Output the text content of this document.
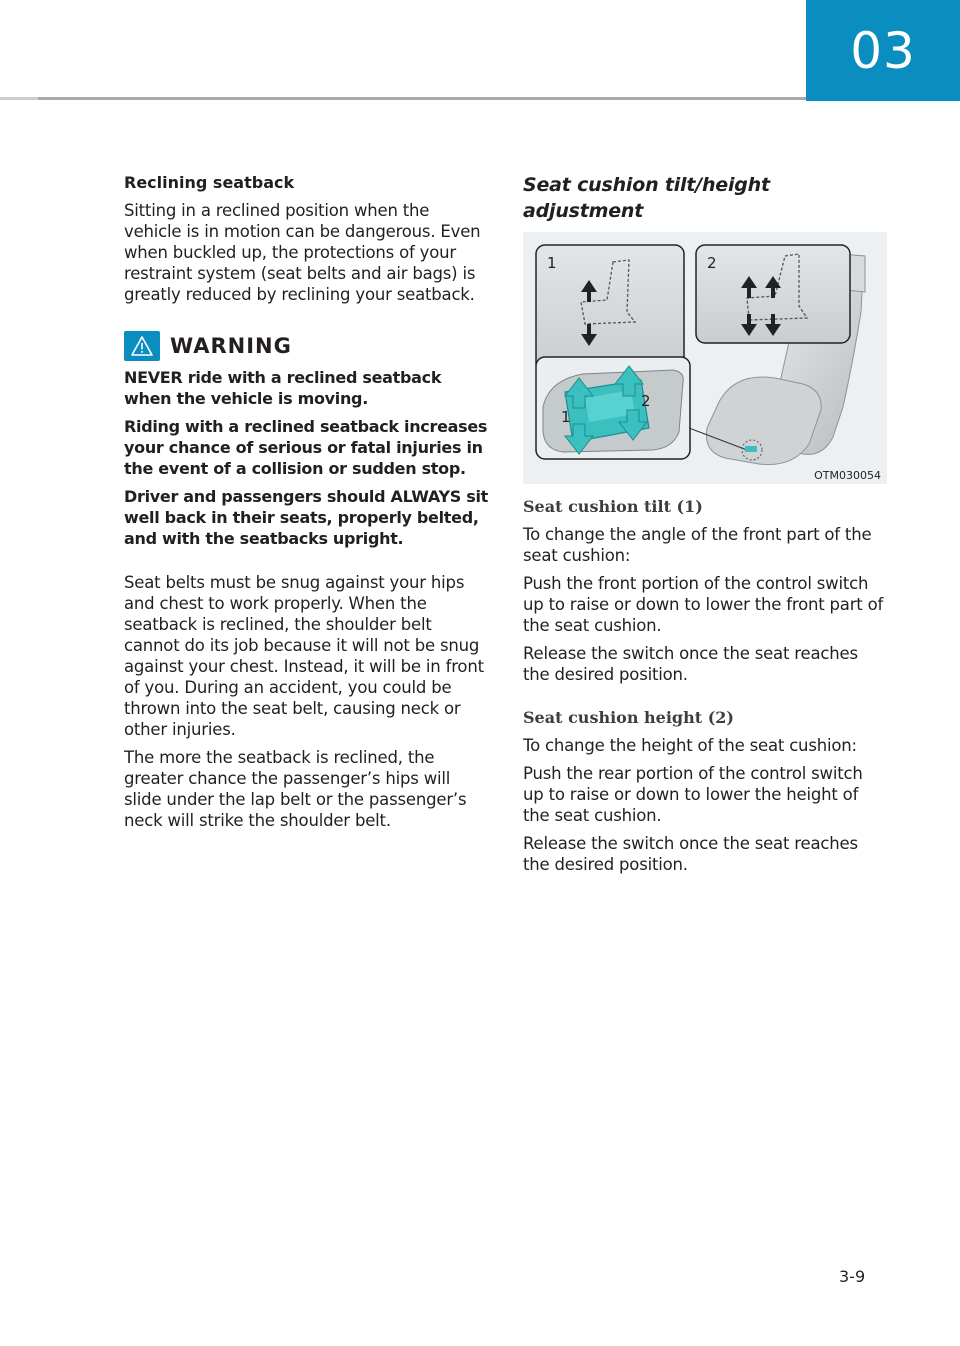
03
Reclining seatback

Sitting in a reclined position when the vehicle is in motion can be dangerous. Even when buckled up, the protections of your restraint system (seat belts and air bags) is greatly reduced by reclining your seatback.

WARNING

NEVER ride with a reclined seatback when the vehicle is moving.

Riding with a reclined seatback increases your chance of serious or fatal injuries in the event of a collision or sudden stop.

Driver and passengers should ALWAYS sit well back in their seats, properly belted, and with the seatbacks upright.

Seat belts must be snug against your hips and chest to work properly. When the seatback is reclined, the shoulder belt cannot do its job because it will not be snug against your chest. Instead, it will be in front of you. During an accident, you could be thrown into the seat belt, causing neck or other injuries.

The more the seatback is reclined, the greater chance the passenger’s hips will slide under the lap belt or the passenger’s neck will strike the shoulder belt.

Seat cushion tilt/height adjustment
1	2
1
2
OTM030054
Seat cushion tilt (1)

To change the angle of the front part of the seat cushion:

Push the front portion of the control switch up to raise or down to lower the front part of the seat cushion.

Release the switch once the seat reaches the desired position.

Seat cushion height (2)

To change the height of the seat cushion:

Push the rear portion of the control switch up to raise or down to lower the height of the seat cushion.

Release the switch once the seat reaches the desired position.

3-9
